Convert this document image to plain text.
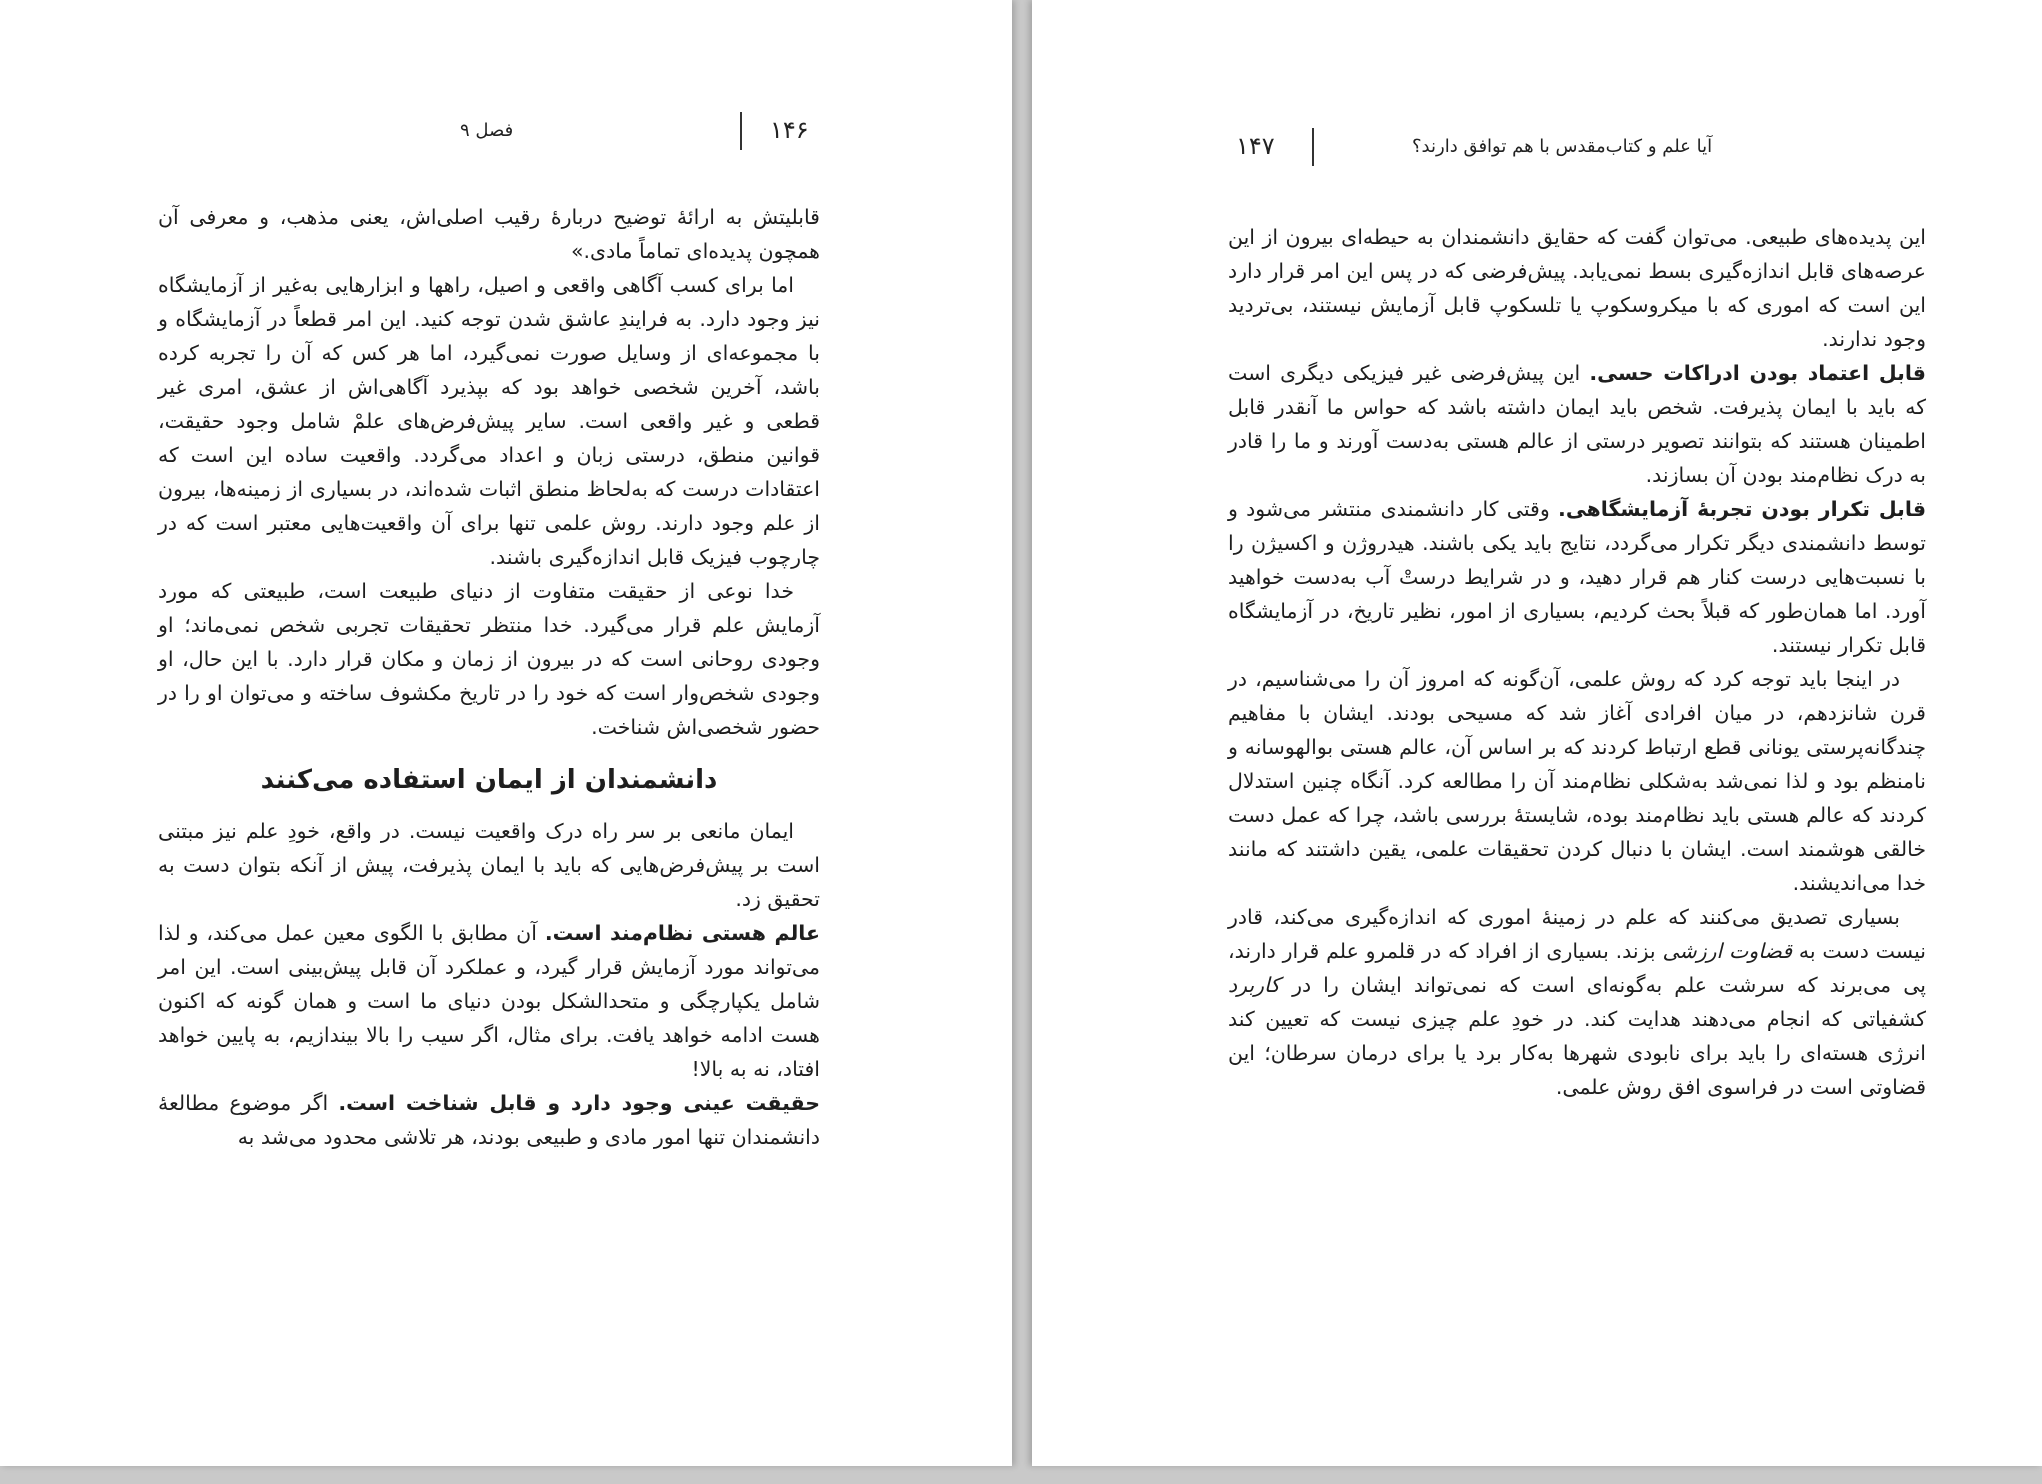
۱۴۶
فصل ۹

قابلیتش به ارائهٔ توضیح دربارهٔ رقیب اصلی‌اش، یعنی مذهب، و معرفی آن همچون پدیده‌ای تماماً مادی.»

اما برای کسب آگاهی واقعی و اصیل، راهها و ابزارهایی به‌غیر از آزمایشگاه نیز وجود دارد. به فرایندِ عاشق شدن توجه کنید. این امر قطعاً در آزمایشگاه و با مجموعه‌ای از وسایل صورت نمی‌گیرد، اما هر کس که آن را تجربه کرده باشد، آخرین شخصی خواهد بود که بپذیرد آگاهی‌اش از عشق، امری غیر قطعی و غیر واقعی است. سایر پیش‌فرض‌های علمْ شامل وجود حقیقت، قوانین منطق، درستی زبان و اعداد می‌گردد. واقعیت ساده این است که اعتقادات درست که به‌لحاظ منطق اثبات شده‌اند، در بسیاری از زمینه‌ها، بیرون از علم وجود دارند. روش علمی تنها برای آن واقعیت‌هایی معتبر است که در چارچوب فیزیک قابل اندازه‌گیری باشند.

خدا نوعی از حقیقت متفاوت از دنیای طبیعت است، طبیعتی که مورد آزمایش علم قرار می‌گیرد. خدا منتظر تحقیقات تجربی شخص نمی‌ماند؛ او وجودی روحانی است که در بیرون از زمان و مکان قرار دارد. با این حال، او وجودی شخص‌وار است که خود را در تاریخ مکشوف ساخته و می‌توان او را در حضور شخصی‌اش شناخت.

دانشمندان از ایمان استفاده می‌کنند

ایمان مانعی بر سر راه درک واقعیت نیست. در واقع، خودِ علم نیز مبتنی است بر پیش‌فرض‌هایی که باید با ایمان پذیرفت، پیش از آنکه بتوان دست به تحقیق زد.

عالم هستی نظام‌مند است. آن مطابق با الگوی معین عمل می‌کند، و لذا می‌تواند مورد آزمایش قرار گیرد، و عملکرد آن قابل پیش‌بینی است. این امر شامل یکپارچگی و متحدالشکل بودن دنیای ما است و همان گونه که اکنون هست ادامه خواهد یافت. برای مثال، اگر سیب را بالا بیندازیم، به پایین خواهد افتاد، نه به بالا!

حقیقت عینی وجود دارد و قابل شناخت است. اگر موضوع مطالعهٔ دانشمندان تنها امور مادی و طبیعی بودند، هر تلاشی محدود می‌شد به

۱۴۷	آیا علم و کتاب‌مقدس با هم توافق دارند؟

این پدیده‌های طبیعی. می‌توان گفت که حقایق دانشمندان به حیطه‌ای بیرون از این عرصه‌های قابل اندازه‌گیری بسط نمی‌یابد. پیش‌فرضی که در پس این امر قرار دارد این است که اموری که با میکروسکوپ یا تلسکوپ قابل آزمایش نیستند، بی‌تردید وجود ندارند.

قابل اعتماد بودن ادراکات حسی. این پیش‌فرضی غیر فیزیکی دیگری است که باید با ایمان پذیرفت. شخص باید ایمان داشته باشد که حواس ما آنقدر قابل اطمینان هستند که بتوانند تصویر درستی از عالم هستی به‌دست آورند و ما را قادر به درک نظام‌مند بودن آن بسازند.

قابل تکرار بودن تجربهٔ آزمایشگاهی. وقتی کار دانشمندی منتشر می‌شود و توسط دانشمندی دیگر تکرار می‌گردد، نتایج باید یکی باشند. هیدروژن و اکسیژن را با نسبت‌هایی درست کنار هم قرار دهید، و در شرایط درستْ آب به‌دست خواهید آورد. اما همان‌طور که قبلاً بحث کردیم، بسیاری از امور، نظیر تاریخ، در آزمایشگاه قابل تکرار نیستند.

در اینجا باید توجه کرد که روش علمی، آن‌گونه که امروز آن را می‌شناسیم، در قرن شانزدهم، در میان افرادی آغاز شد که مسیحی بودند. ایشان با مفاهیم چندگانه‌پرستی یونانی قطع ارتباط کردند که بر اساس آن، عالم هستی بوالهوسانه و نامنظم بود و لذا نمی‌شد به‌شکلی نظام‌مند آن را مطالعه کرد. آنگاه چنین استدلال کردند که عالم هستی باید نظام‌مند بوده، شایستهٔ بررسی باشد، چرا که عمل دست خالقی هوشمند است. ایشان با دنبال کردن تحقیقات علمی، یقین داشتند که مانند خدا می‌اندیشند.

بسیاری تصدیق می‌کنند که علم در زمینهٔ اموری که اندازه‌گیری می‌کند، قادر نیست دست به قضاوت ارزشی بزند. بسیاری از افراد که در قلمرو علم قرار دارند، پی می‌برند که سرشت علم به‌گونه‌ای است که نمی‌تواند ایشان را در کاربرد کشفیاتی که انجام می‌دهند هدایت کند. در خودِ علم چیزی نیست که تعیین کند انرژی هسته‌ای را باید برای نابودی شهرها به‌کار برد یا برای درمان سرطان؛ این قضاوتی است در فراسوی افق روش علمی.
